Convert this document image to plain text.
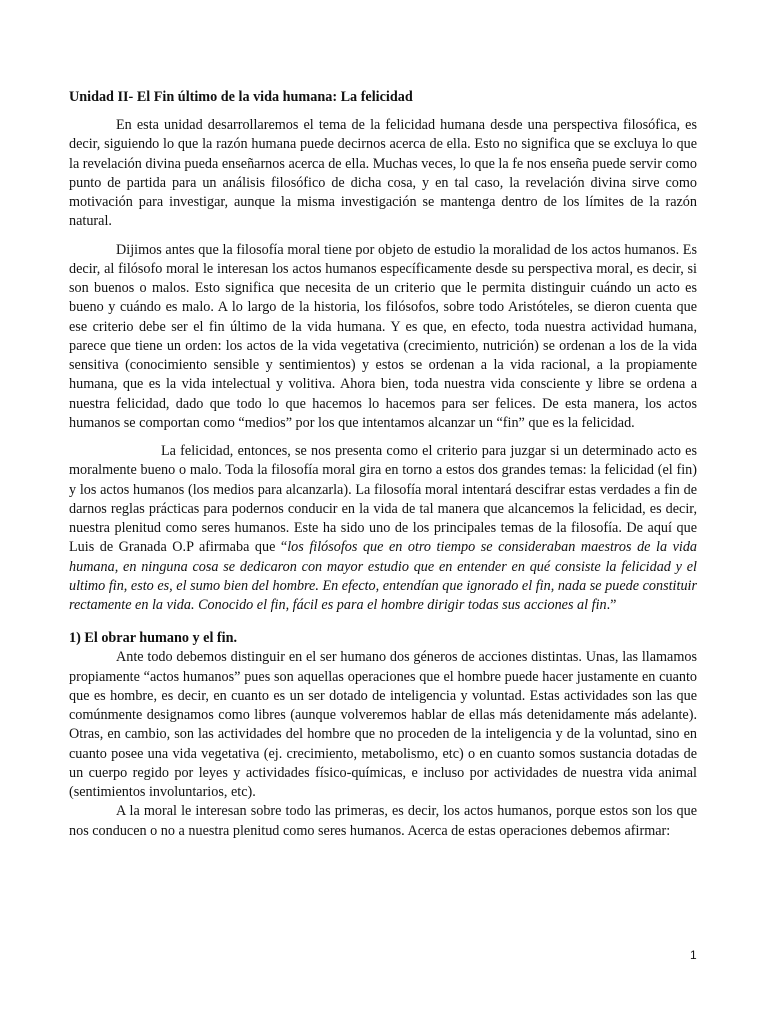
Unidad II- El Fin último de la vida humana: La felicidad

En esta unidad desarrollaremos el tema de la felicidad humana desde una perspectiva filosófica, es decir, siguiendo lo que la razón humana puede decirnos acerca de ella. Esto no significa que se excluya lo que la revelación divina pueda enseñarnos acerca de ella. Muchas veces, lo que la fe nos enseña puede servir como punto de partida para un análisis filosófico de dicha cosa, y en tal caso, la revelación divina sirve como motivación para investigar, aunque la misma investigación se mantenga dentro de los límites de la razón natural.

Dijimos antes que la filosofía moral tiene por objeto de estudio la moralidad de los actos humanos. Es decir, al filósofo moral le interesan los actos humanos específicamente desde su perspectiva moral, es decir, si son buenos o malos. Esto significa que necesita de un criterio que le permita distinguir cuándo un acto es bueno y cuándo es malo. A lo largo de la historia, los filósofos, sobre todo Aristóteles, se dieron cuenta que ese criterio debe ser el fin último de la vida humana. Y es que, en efecto, toda nuestra actividad humana, parece que tiene un orden: los actos de la vida vegetativa (crecimiento, nutrición) se ordenan a los de la vida sensitiva (conocimiento sensible y sentimientos) y estos se ordenan a la vida racional, a la propiamente humana, que es la vida intelectual y volitiva. Ahora bien, toda nuestra vida consciente y libre se ordena a nuestra felicidad, dado que todo lo que hacemos lo hacemos para ser felices. De esta manera, los actos humanos se comportan como “medios” por los que intentamos alcanzar un “fin” que es la felicidad.

La felicidad, entonces, se nos presenta como el criterio para juzgar si un determinado acto es moralmente bueno o malo. Toda la filosofía moral gira en torno a estos dos grandes temas: la felicidad (el fin) y los actos humanos (los medios para alcanzarla). La filosofía moral intentará descifrar estas verdades a fin de darnos reglas prácticas para podernos conducir en la vida de tal manera que alcancemos la felicidad, es decir, nuestra plenitud como seres humanos. Este ha sido uno de los principales temas de la filosofía. De aquí que Luis de Granada O.P afirmaba que “los filósofos que en otro tiempo se consideraban maestros de la vida humana, en ninguna cosa se dedicaron con mayor estudio que en entender en qué consiste la felicidad y el ultimo fin, esto es, el sumo bien del hombre. En efecto, entendían que ignorado el fin, nada se puede constituir rectamente en la vida. Conocido el fin, fácil es para el hombre dirigir todas sus acciones al fin.”

1) El obrar humano y el fin.

Ante todo debemos distinguir en el ser humano dos géneros de acciones distintas. Unas, las llamamos propiamente “actos humanos” pues son aquellas operaciones que el hombre puede hacer justamente en cuanto que es hombre, es decir, en cuanto es un ser dotado de inteligencia y voluntad. Estas actividades son las que comúnmente designamos como libres (aunque volveremos hablar de ellas más detenidamente más adelante). Otras, en cambio, son las actividades del hombre que no proceden de la inteligencia y de la voluntad, sino en cuanto posee una vida vegetativa (ej. crecimiento, metabolismo, etc) o en cuanto somos sustancia dotadas de un cuerpo regido por leyes y actividades físico-químicas, e incluso por actividades de nuestra vida animal (sentimientos involuntarios, etc).

A la moral le interesan sobre todo las primeras, es decir, los actos humanos, porque estos son los que nos conducen o no a nuestra plenitud como seres humanos. Acerca de estas operaciones debemos afirmar:

1
